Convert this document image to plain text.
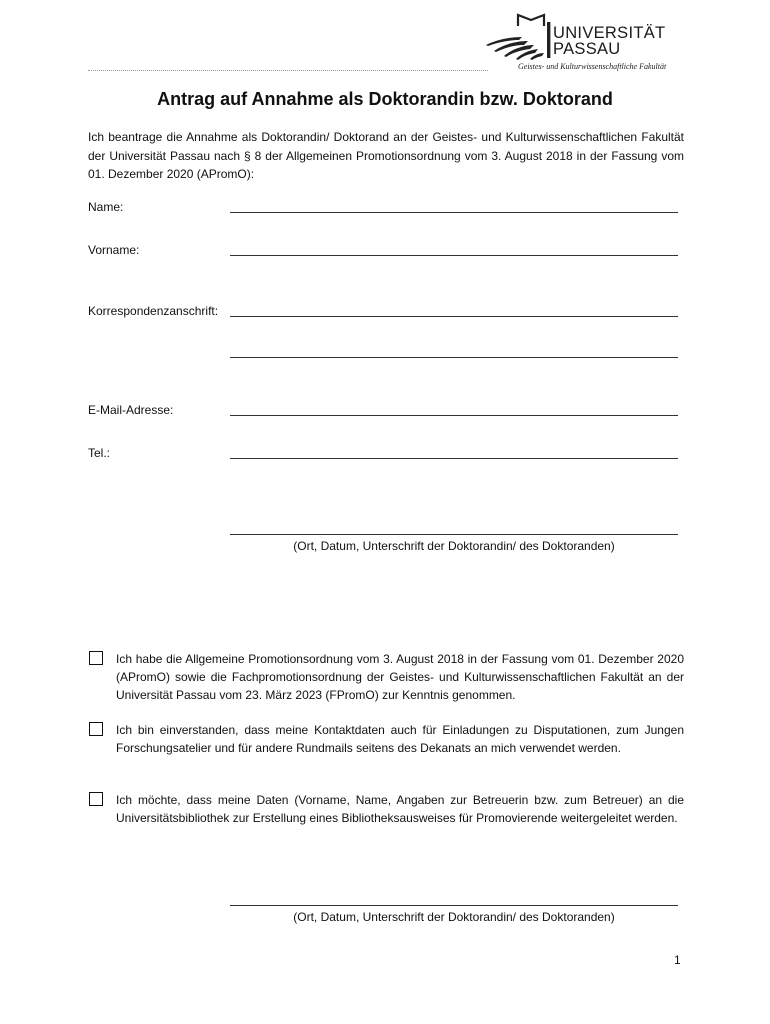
UNIVERSITÄT
PASSAU
Geistes- und Kulturwissenschaftliche Fakultät
Antrag auf Annahme als Doktorandin bzw. Doktorand
Ich beantrage die Annahme als Doktorandin/ Doktorand an der Geistes- und Kulturwissenschaftlichen Fakultät der Universität Passau nach § 8 der Allgemeinen Promotionsordnung vom 3. August 2018 in der Fassung vom 01. Dezember 2020 (APromO):
Name:
Vorname:
Korrespondenzanschrift:
E-Mail-Adresse:
Tel.:
(Ort, Datum, Unterschrift der Doktorandin/ des Doktoranden)
Ich habe die Allgemeine Promotionsordnung vom 3. August 2018 in der Fassung vom 01. Dezember 2020 (APromO) sowie die Fachpromotionsordnung der Geistes- und Kulturwissenschaftlichen Fakultät an der Universität Passau vom 23. März 2023 (FPromO) zur Kenntnis genommen.
Ich bin einverstanden, dass meine Kontaktdaten auch für Einladungen zu Disputationen, zum Jungen Forschungsatelier und für andere Rundmails seitens des Dekanats an mich verwendet werden.
Ich möchte, dass meine Daten (Vorname, Name, Angaben zur Betreuerin bzw. zum Betreuer) an die Universitätsbibliothek zur Erstellung eines Bibliotheksausweises für Promovierende weitergeleitet werden.
(Ort, Datum, Unterschrift der Doktorandin/ des Doktoranden)
1
